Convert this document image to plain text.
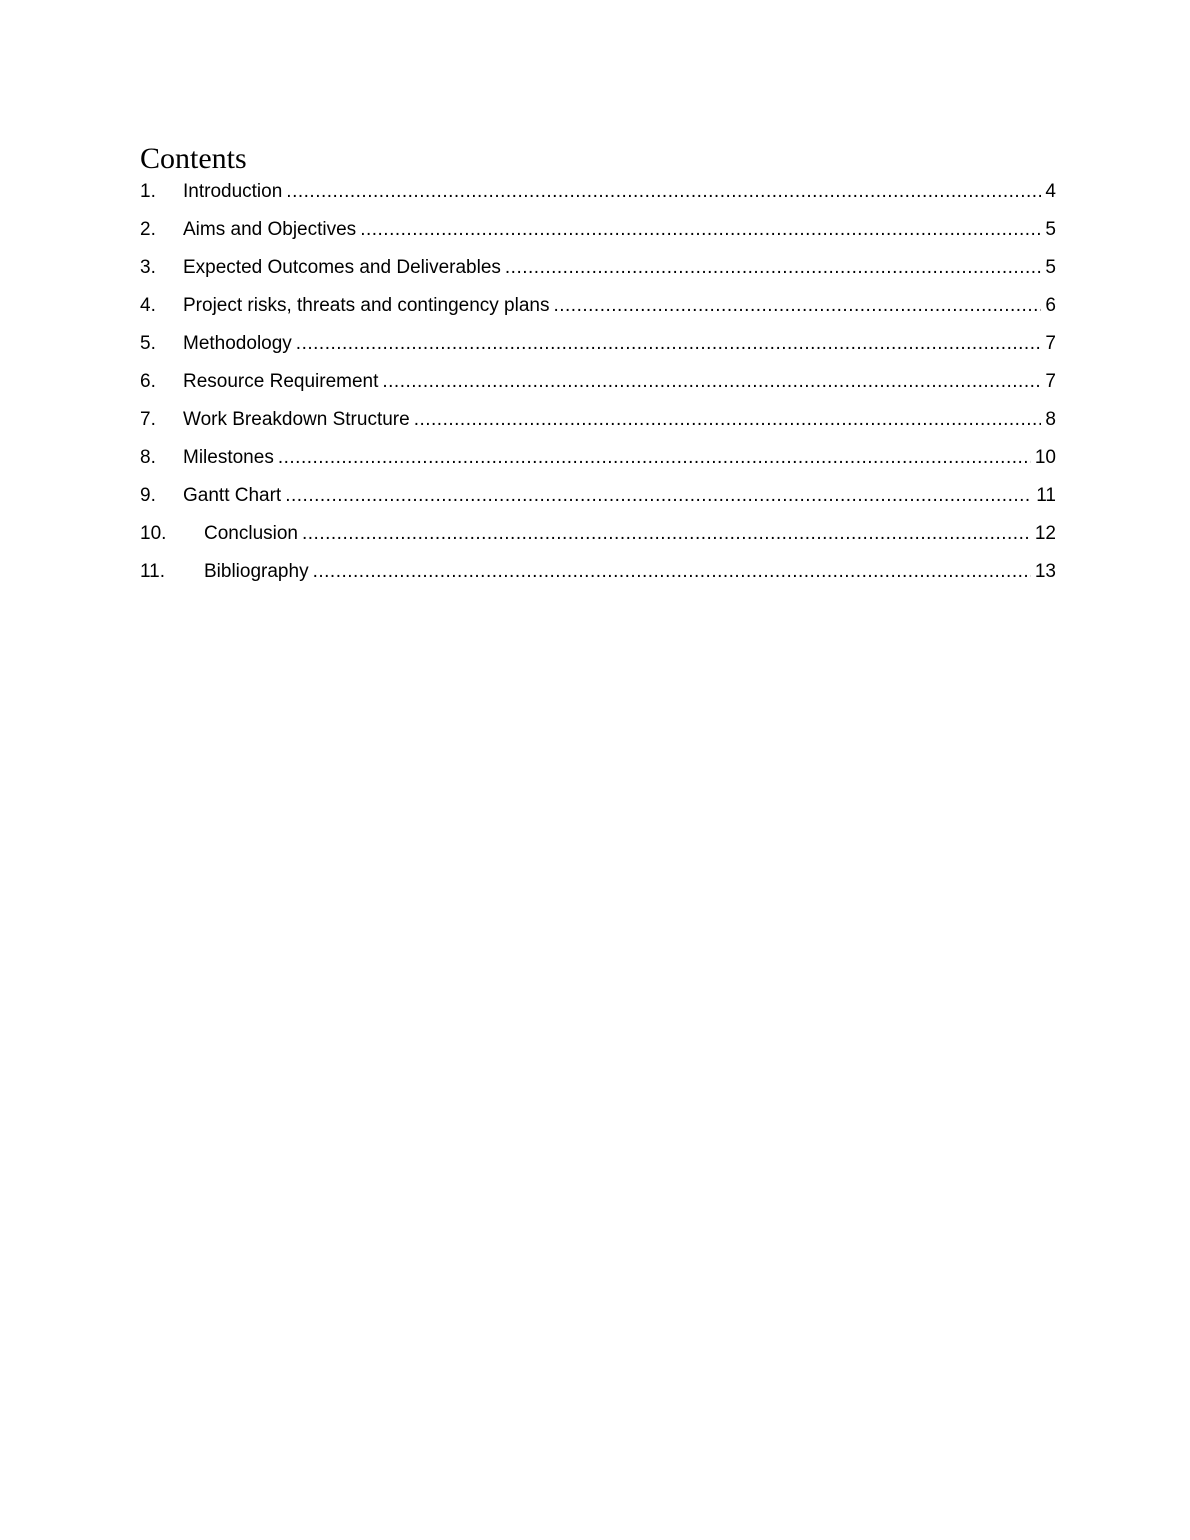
Contents
1.	Introduction .....	4
2.	Aims and Objectives .....	5
3.	Expected Outcomes and Deliverables .....	5
4.	Project risks, threats and contingency plans .....	6
5.	Methodology .....	7
6.	Resource Requirement .....	7
7.	Work Breakdown Structure .....	8
8.	Milestones .....	10
9.	Gantt Chart .....	11
10.	Conclusion .....	12
11.	Bibliography .....	13
